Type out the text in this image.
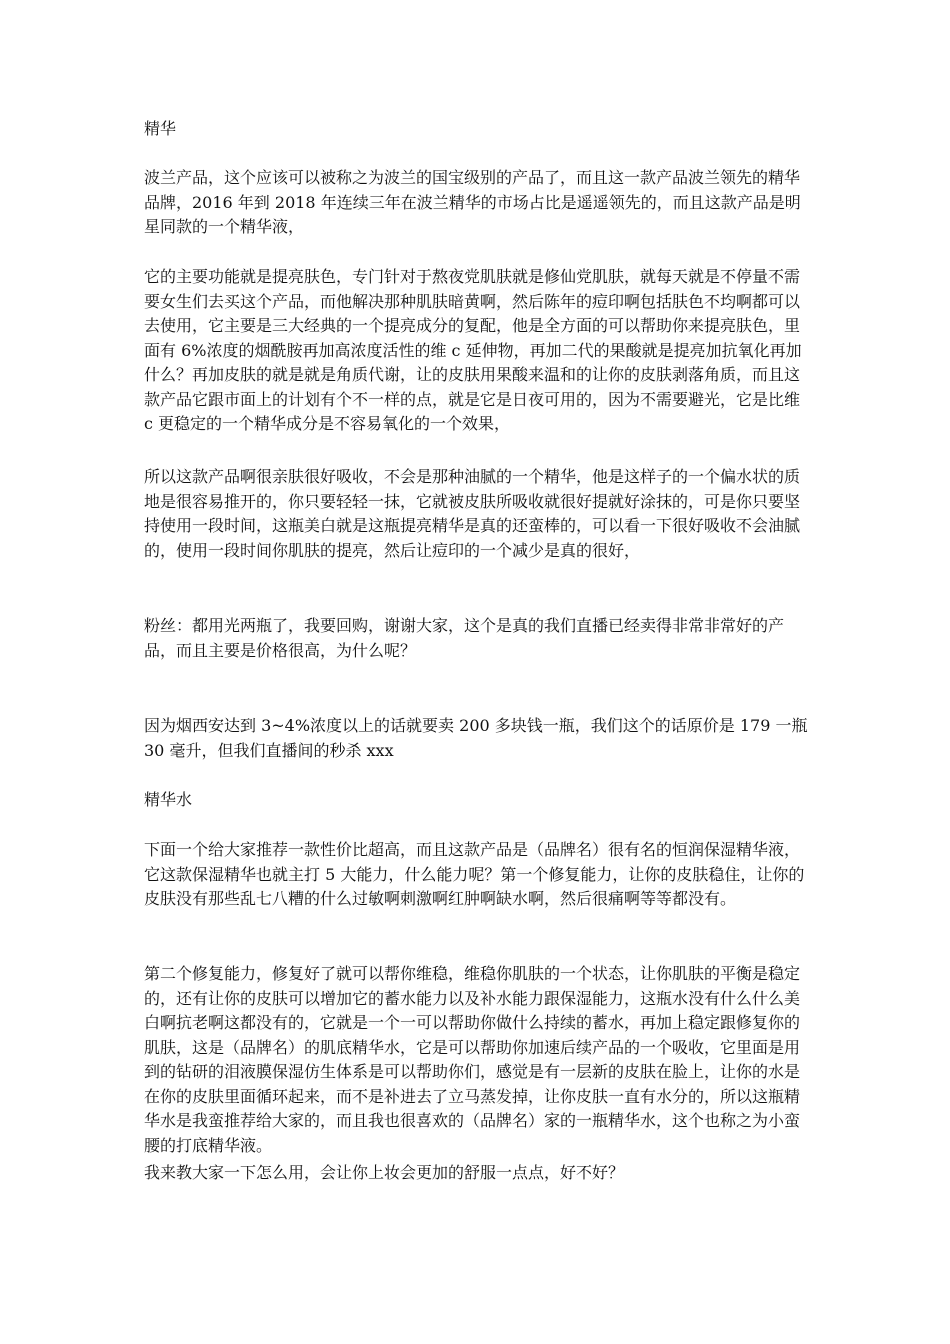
精华

波兰产品，这个应该可以被称之为波兰的国宝级别的产品了，而且这一款产品波兰领先的精华品牌，2016 年到 2018 年连续三年在波兰精华的市场占比是遥遥领先的，而且这款产品是明星同款的一个精华液，

它的主要功能就是提亮肤色，专门针对于熬夜党肌肤就是修仙党肌肤，就每天就是不停量不需要女生们去买这个产品，而他解决那种肌肤暗黄啊，然后陈年的痘印啊包括肤色不均啊都可以去使用，它主要是三大经典的一个提亮成分的复配，他是全方面的可以帮助你来提亮肤色，里面有 6%浓度的烟酰胺再加高浓度活性的维 c 延伸物，再加二代的果酸就是提亮加抗氧化再加什么？再加皮肤的就是就是角质代谢，让的皮肤用果酸来温和的让你的皮肤剥落角质，而且这款产品它跟市面上的计划有个不一样的点，就是它是日夜可用的，因为不需要避光，它是比维 c 更稳定的一个精华成分是不容易氧化的一个效果，

所以这款产品啊很亲肤很好吸收，不会是那种油腻的一个精华，他是这样子的一个偏水状的质地是很容易推开的，你只要轻轻一抹，它就被皮肤所吸收就很好提就好涂抹的，可是你只要坚持使用一段时间，这瓶美白就是这瓶提亮精华是真的还蛮棒的，可以看一下很好吸收不会油腻的，使用一段时间你肌肤的提亮，然后让痘印的一个减少是真的很好，

粉丝：都用光两瓶了，我要回购，谢谢大家，这个是真的我们直播已经卖得非常非常好的产品，而且主要是价格很高，为什么呢？

因为烟西安达到 3~4%浓度以上的话就要卖 200 多块钱一瓶，我们这个的话原价是 179 一瓶 30 毫升，但我们直播间的秒杀 xxx

精华水

下面一个给大家推荐一款性价比超高，而且这款产品是（品牌名）很有名的恒润保湿精华液，它这款保湿精华也就主打 5 大能力，什么能力呢？第一个修复能力，让你的皮肤稳住，让你的皮肤没有那些乱七八糟的什么过敏啊刺激啊红肿啊缺水啊，然后很痛啊等等都没有。

第二个修复能力，修复好了就可以帮你维稳，维稳你肌肤的一个状态，让你肌肤的平衡是稳定的，还有让你的皮肤可以增加它的蓄水能力以及补水能力跟保湿能力，这瓶水没有什么什么美白啊抗老啊这都没有的，它就是一个一可以帮助你做什么持续的蓄水，再加上稳定跟修复你的肌肤，这是（品牌名）的肌底精华水，它是可以帮助你加速后续产品的一个吸收，它里面是用到的钻研的泪液膜保湿仿生体系是可以帮助你们，感觉是有一层新的皮肤在脸上，让你的水是在你的皮肤里面循环起来，而不是补进去了立马蒸发掉，让你皮肤一直有水分的，所以这瓶精华水是我蛮推荐给大家的，而且我也很喜欢的（品牌名）家的一瓶精华水，这个也称之为小蛮腰的打底精华液。

我来教大家一下怎么用，会让你上妆会更加的舒服一点点，好不好？
